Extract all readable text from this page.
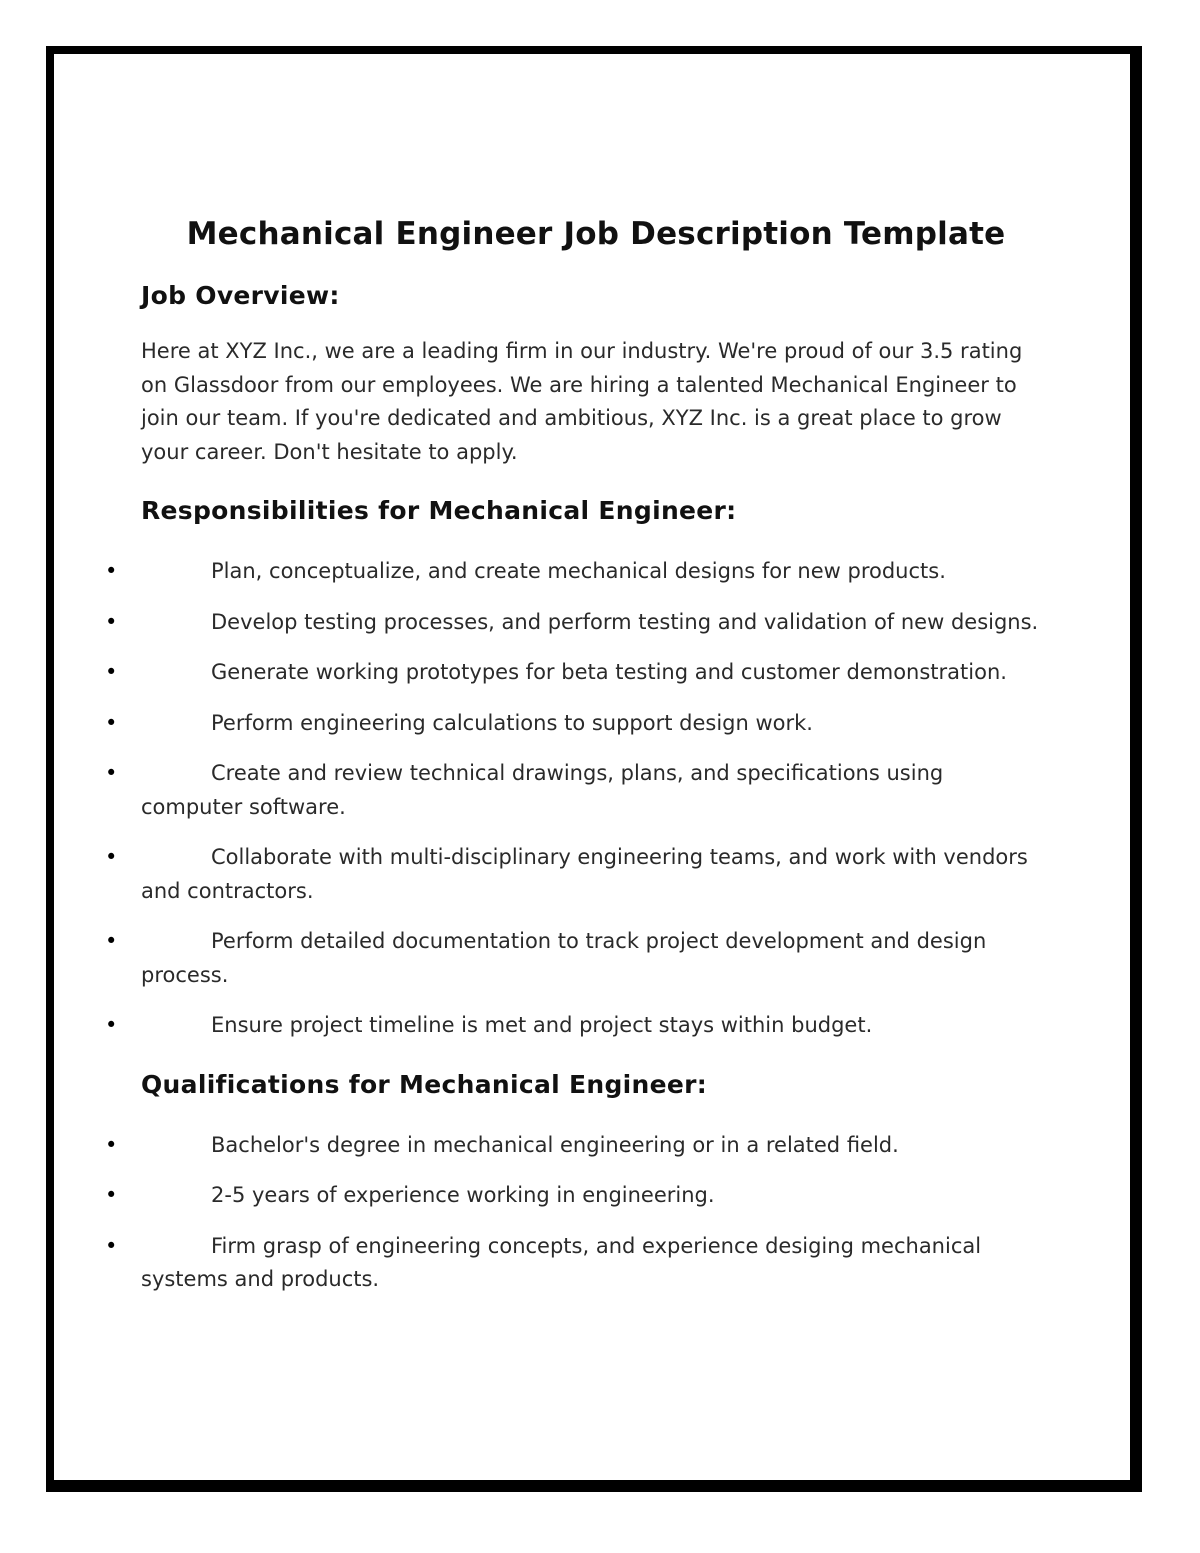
Mechanical Engineer Job Description Template
Job Overview:

Here at XYZ Inc., we are a leading firm in our industry. We're proud of our 3.5 rating on Glassdoor from our employees. We are hiring a talented Mechanical Engineer to join our team. If you're dedicated and ambitious, XYZ Inc. is a great place to grow your career. Don't hesitate to apply.

Responsibilities for Mechanical Engineer:
•	Plan, conceptualize, and create mechanical designs for new products.
•	Develop testing processes, and perform testing and validation of new designs.
•	Generate working prototypes for beta testing and customer demonstration.
•	Perform engineering calculations to support design work.
•	Create and review technical drawings, plans, and specifications using computer software.
•	Collaborate with multi-disciplinary engineering teams, and work with vendors and contractors.
•	Perform detailed documentation to track project development and design process.
•	Ensure project timeline is met and project stays within budget.
Qualifications for Mechanical Engineer:
•	Bachelor's degree in mechanical engineering or in a related field.
•	2-5 years of experience working in engineering.
•	Firm grasp of engineering concepts, and experience desiging mechanical systems and products.
